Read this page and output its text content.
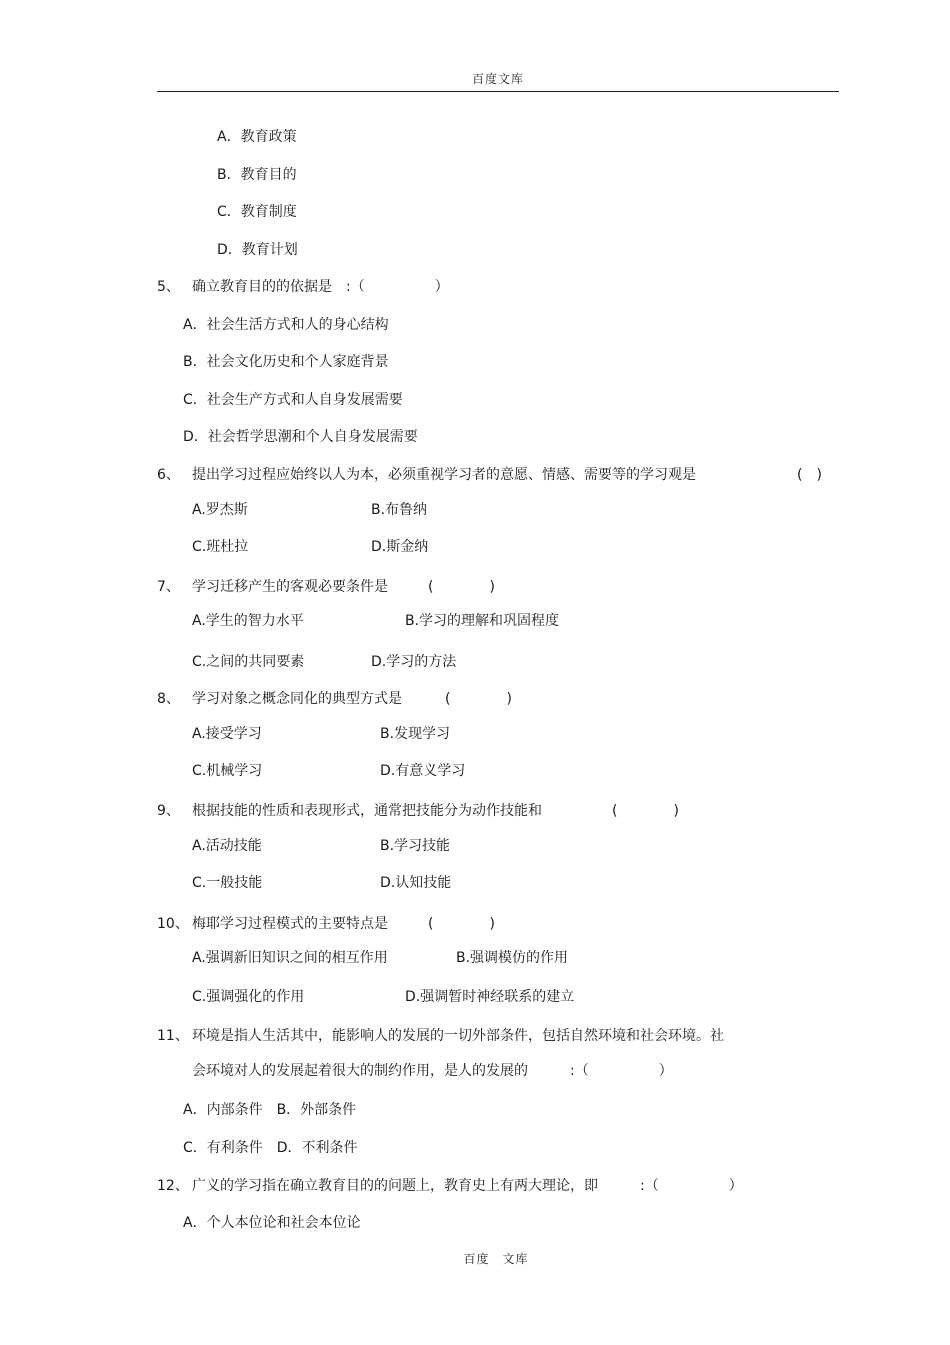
百度文库
A．教育政策
B．教育目的
C．教育制度
D．教育计划
5、 确立教育目的的依据是　:（　　　　　）
A．社会生活方式和人的身心结构
B．社会文化历史和个人家庭背景
C．社会生产方式和人自身发展需要
D．社会哲学思潮和个人自身发展需要
6、 提出学习过程应始终以人为本，必须重视学习者的意愿、情感、需要等的学习观是	(　)
A.罗杰斯	B.布鲁纳
C.班杜拉	D.斯金纳
7、 学习迁移产生的客观必要条件是	(　　　　)
A.学生的智力水平	B.学习的理解和巩固程度
C.之间的共同要素	D.学习的方法
8、 学习对象之概念同化的典型方式是	(　　　　)
A.接受学习	B.发现学习
C.机械学习	D.有意义学习
9、 根据技能的性质和表现形式，通常把技能分为动作技能和	(　　　　)
A.活动技能	B.学习技能
C.一般技能	D.认知技能
10、 梅耶学习过程模式的主要特点是	(　　　　)
A.强调新旧知识之间的相互作用	B.强调模仿的作用
C.强调强化的作用	D.强调暂时神经联系的建立
11、 环境是指人生活其中，能影响人的发展的一切外部条件，包括自然环境和社会环境。社
会环境对人的发展起着很大的制约作用，是人的发展的　　　:（　　　　　）
A．内部条件　B．外部条件
C．有利条件　D．不利条件
12、 广义的学习指在确立教育目的的问题上，教育史上有两大理论，即　　　:（　　　　　）
A．个人本位论和社会本位论
百度　文库
